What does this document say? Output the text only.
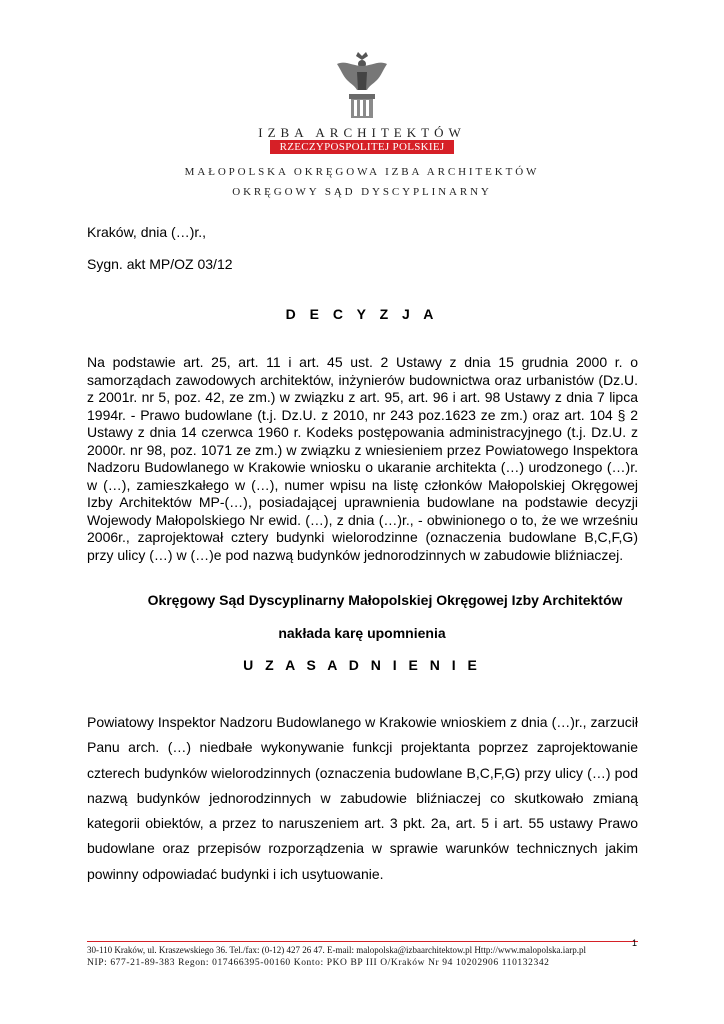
IZBA ARCHITEKTÓW
RZECZYPOSPOLITEJ POLSKIEJ
MAŁOPOLSKA OKRĘGOWA IZBA ARCHITEKTÓW
OKRĘGOWY SĄD DYSCYPLINARNY
Kraków, dnia (…)r.,
Sygn. akt MP/OZ 03/12
D E C Y Z J A
Na podstawie art. 25, art. 11 i art. 45 ust. 2 Ustawy z dnia 15 grudnia 2000 r. o samorządach zawodowych architektów, inżynierów budownictwa oraz urbanistów (Dz.U. z 2001r. nr 5, poz. 42, ze zm.) w związku z art. 95, art. 96 i art. 98 Ustawy z dnia 7 lipca 1994r. - Prawo budowlane (t.j. Dz.U. z 2010, nr 243 poz.1623 ze zm.) oraz art. 104 § 2 Ustawy z dnia 14 czerwca 1960 r. Kodeks postępowania administracyjnego (t.j. Dz.U. z 2000r. nr 98, poz. 1071 ze zm.) w związku z wniesieniem przez Powiatowego Inspektora Nadzoru Budowlanego w Krakowie wniosku o ukaranie architekta (…) urodzonego (…)r. w (…), zamieszkałego w (…), numer wpisu na listę członków Małopolskiej Okręgowej Izby Architektów MP-(…), posiadającej uprawnienia budowlane na podstawie decyzji Wojewody Małopolskiego Nr ewid. (…), z dnia (…)r., - obwinionego o to, że we wrześniu 2006r., zaprojektował cztery budynki wielorodzinne (oznaczenia budowlane B,C,F,G) przy ulicy (…) w (…)e pod nazwą budynków jednorodzinnych w zabudowie bliźniaczej.
Okręgowy Sąd Dyscyplinarny Małopolskiej Okręgowej Izby Architektów
nakłada karę upomnienia
U Z A S A D N I E N I E
Powiatowy Inspektor Nadzoru Budowlanego w Krakowie wnioskiem z dnia (…)r., zarzucił Panu arch. (…) niedbałe wykonywanie funkcji projektanta poprzez zaprojektowanie czterech budynków wielorodzinnych (oznaczenia budowlane B,C,F,G) przy ulicy (…) pod nazwą budynków jednorodzinnych w zabudowie bliźniaczej co skutkowało zmianą kategorii obiektów, a przez to naruszeniem art. 3 pkt. 2a, art. 5 i art. 55 ustawy Prawo budowlane oraz przepisów rozporządzenia w sprawie warunków technicznych jakim powinny odpowiadać budynki i ich usytuowanie.
1
30-110 Kraków, ul. Kraszewskiego 36. Tel./fax: (0-12) 427 26 47. E-mail: malopolska@izbaarchitektow.pl Http://www.malopolska.iarp.pl
NIP: 677-21-89-383 Regon: 017466395-00160 Konto: PKO BP III O/Kraków Nr 94 10202906 110132342
